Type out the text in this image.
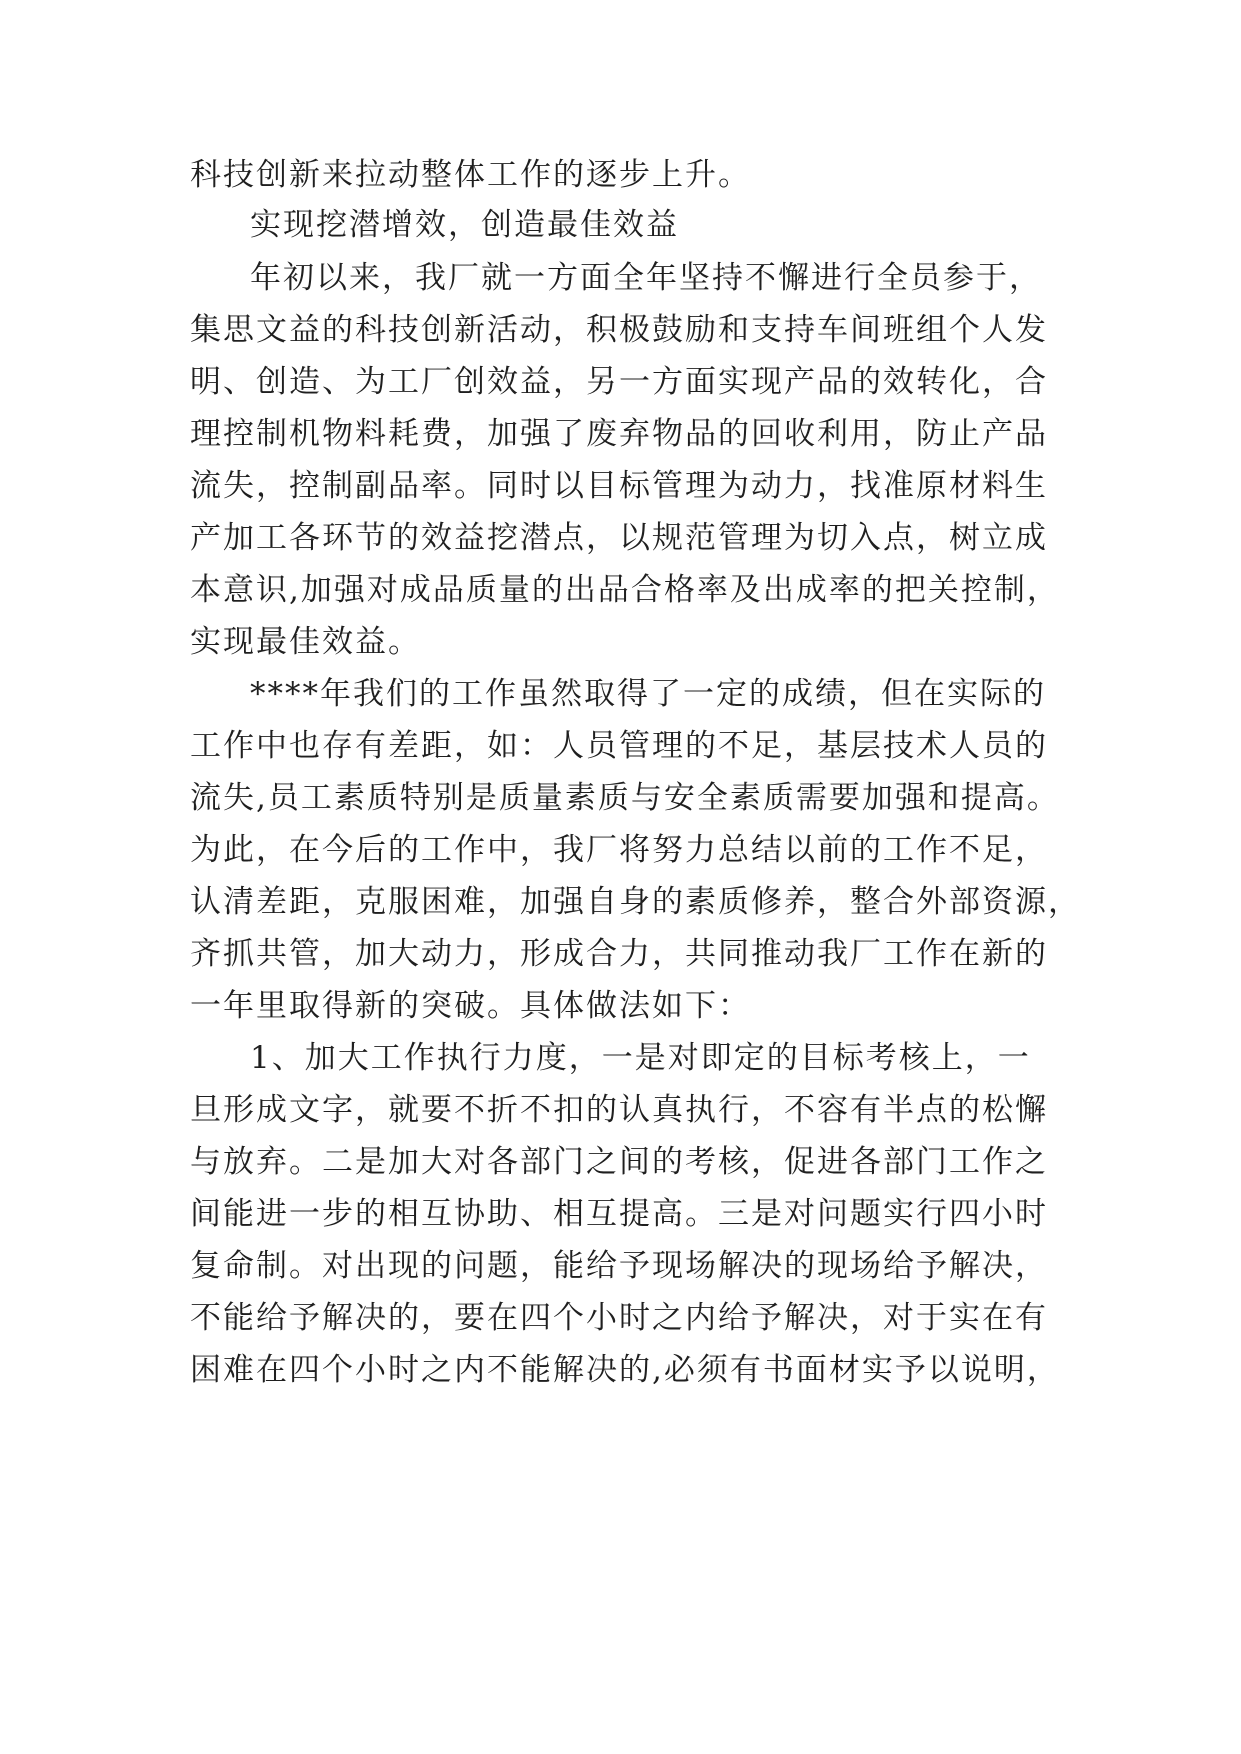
科技创新来拉动整体工作的逐步上升。
实现挖潜增效，创造最佳效益
年初以来，我厂就一方面全年坚持不懈进行全员参于，
集思文益的科技创新活动，积极鼓励和支持车间班组个人发
明、创造、为工厂创效益，另一方面实现产品的效转化，合
理控制机物料耗费，加强了废弃物品的回收利用，防止产品
流失，控制副品率。同时以目标管理为动力，找准原材料生
产加工各环节的效益挖潜点，以规范管理为切入点，树立成
本意识,加强对成品质量的出品合格率及出成率的把关控制，
实现最佳效益。
****年我们的工作虽然取得了一定的成绩，但在实际的
工作中也存有差距，如：人员管理的不足，基层技术人员的
流失,员工素质特别是质量素质与安全素质需要加强和提高。
为此，在今后的工作中，我厂将努力总结以前的工作不足，
认清差距，克服困难，加强自身的素质修养，整合外部资源，
齐抓共管，加大动力，形成合力，共同推动我厂工作在新的
一年里取得新的突破。具体做法如下：
1、加大工作执行力度，一是对即定的目标考核上，一
旦形成文字，就要不折不扣的认真执行，不容有半点的松懈
与放弃。二是加大对各部门之间的考核，促进各部门工作之
间能进一步的相互协助、相互提高。三是对问题实行四小时
复命制。对出现的问题，能给予现场解决的现场给予解决，
不能给予解决的，要在四个小时之内给予解决，对于实在有
困难在四个小时之内不能解决的,必须有书面材实予以说明，
